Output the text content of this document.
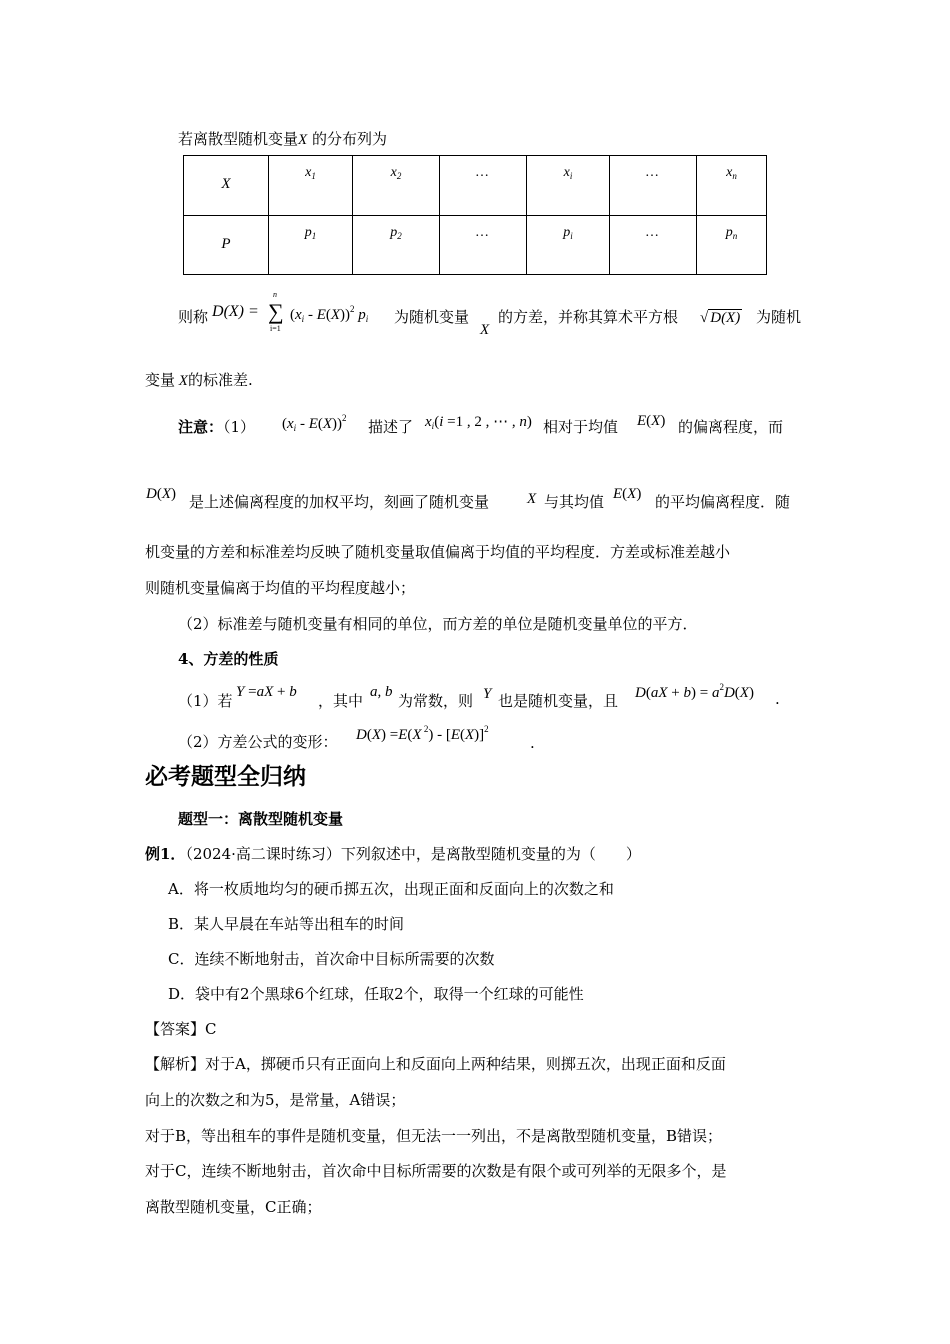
若离散型随机变量X 的分布列为
X	$x_1$	$x_2$	…	$x_i$	…	$x_n$
P	$p_1$	$p_2$	…	$p_i$	…	$p_n$
则称 D(X) = ∑
n
i=1
$(x_i - E(X))^2$ $p_i$ 为随机变量
X
的方差，并称其算术平方根 √ D(X) 为随机
变量 X的标准差.
注意：（1） $(x_i - E(X))^2$ 描述了 $x_i(i =1$ , 2 , ⋯ , n) 相对于均值 E(X) 的偏离程度，而
D(X) 是上述偏离程度的加权平均，刻画了随机变量	X 与其均值 E(X) 的平均偏离程度．随
机变量的方差和标准差均反映了随机变量取值偏离于均值的平均程度．方差或标准差越小
则随机变量偏离于均值的平均程度越小；
（2）标准差与随机变量有相同的单位，而方差的单位是随机变量单位的平方．
4、方差的性质
（1）若 Y =aX + b ，其中 a, b 为常数，则 Y 也是随机变量，且 $D(aX + b) = a^2D(X)$ .
（2）方差公式的变形： D(X) =E(X $^2) - [E(X)]^2$
.
必考题型全归纳
题型一：离散型随机变量
例1．（2024·高二课时练习）下列叙述中，是离散型随机变量的为（　　）
A．将一枚质地均匀的硬币掷五次，出现正面和反面向上的次数之和
B．某人早晨在车站等出租车的时间
C．连续不断地射击，首次命中目标所需要的次数
D．袋中有2个黑球6个红球，任取2个，取得一个红球的可能性
【答案】C
【解析】对于A，掷硬币只有正面向上和反面向上两种结果，则掷五次，出现正面和反面
向上的次数之和为5，是常量，A错误；
对于B，等出租车的事件是随机变量，但无法一一列出，不是离散型随机变量，B错误；
对于C，连续不断地射击，首次命中目标所需要的次数是有限个或可列举的无限多个，是
离散型随机变量，C正确；
